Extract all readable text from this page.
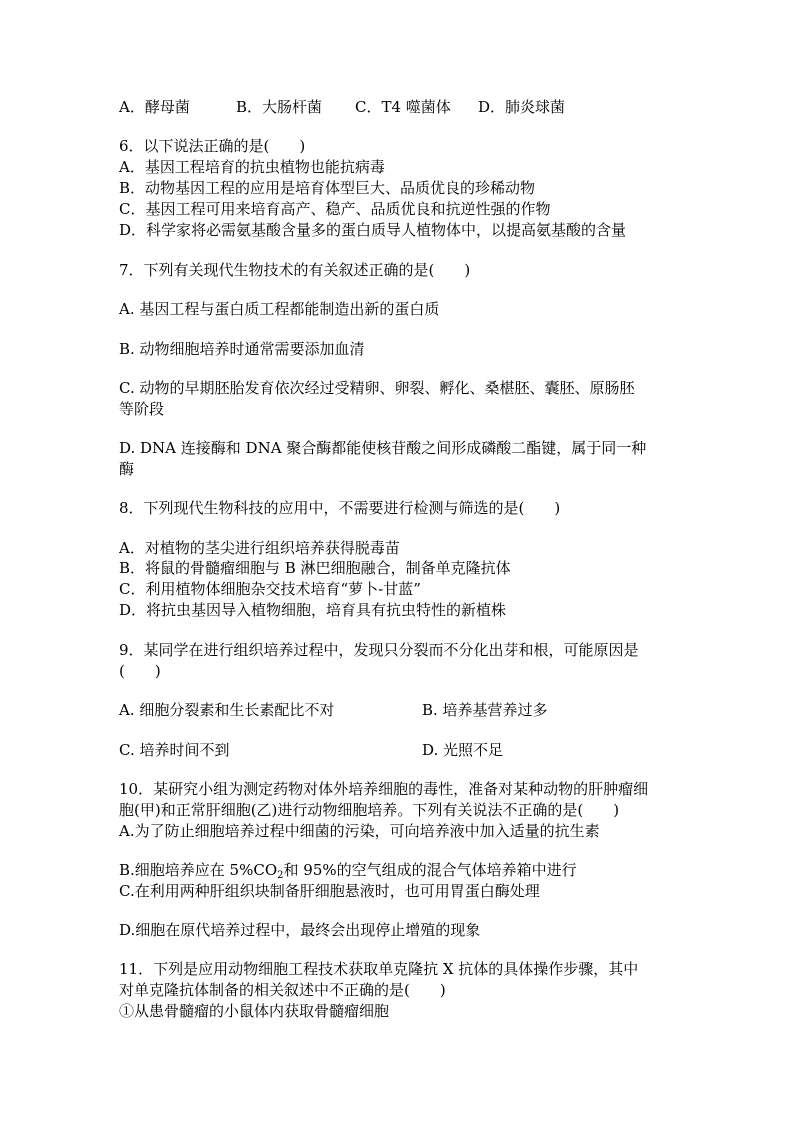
A．酵母菌	B．大肠杆菌 C．T4 噬菌体 D．肺炎球菌
6．以下说法正确的是(　　)
A．基因工程培育的抗虫植物也能抗病毒
B．动物基因工程的应用是培育体型巨大、品质优良的珍稀动物
C．基因工程可用来培育高产、稳产、品质优良和抗逆性强的作物
D．科学家将必需氨基酸含量多的蛋白质导人植物体中，以提高氨基酸的含量
7．下列有关现代生物技术的有关叙述正确的是(　　)
A. 基因工程与蛋白质工程都能制造出新的蛋白质
B. 动物细胞培养时通常需要添加血清
C. 动物的早期胚胎发育依次经过受精卵、卵裂、孵化、桑椹胚、囊胚、原肠胚
等阶段
D. DNA 连接酶和 DNA 聚合酶都能使核苷酸之间形成磷酸二酯键，属于同一种
酶
8．下列现代生物科技的应用中，不需要进行检测与筛选的是(　　)
A．对植物的茎尖进行组织培养获得脱毒苗
B．将鼠的骨髓瘤细胞与 B 淋巴细胞融合，制备单克隆抗体
C．利用植物体细胞杂交技术培育“萝卜-甘蓝”
D．将抗虫基因导入植物细胞，培育具有抗虫特性的新植株
9．某同学在进行组织培养过程中，发现只分裂而不分化出芽和根，可能原因是
(　　)
A. 细胞分裂素和生长素配比不对	B. 培养基营养过多
C. 培养时间不到	D. 光照不足
10．某研究小组为测定药物对体外培养细胞的毒性，准备对某种动物的肝肿瘤细
胞(甲)和正常肝细胞(乙)进行动物细胞培养。下列有关说法不正确的是(　　)
A.为了防止细胞培养过程中细菌的污染，可向培养液中加入适量的抗生素
B.细胞培养应在 $5\%CO_2$和 95%的空气组成的混合气体培养箱中进行
C.在利用两种肝组织块制备肝细胞悬液时，也可用胃蛋白酶处理
D.细胞在原代培养过程中，最终会出现停止增殖的现象
11．下列是应用动物细胞工程技术获取单克隆抗 X 抗体的具体操作步骤，其中
对单克隆抗体制备的相关叙述中不正确的是(　　)
①从患骨髓瘤的小鼠体内获取骨髓瘤细胞
